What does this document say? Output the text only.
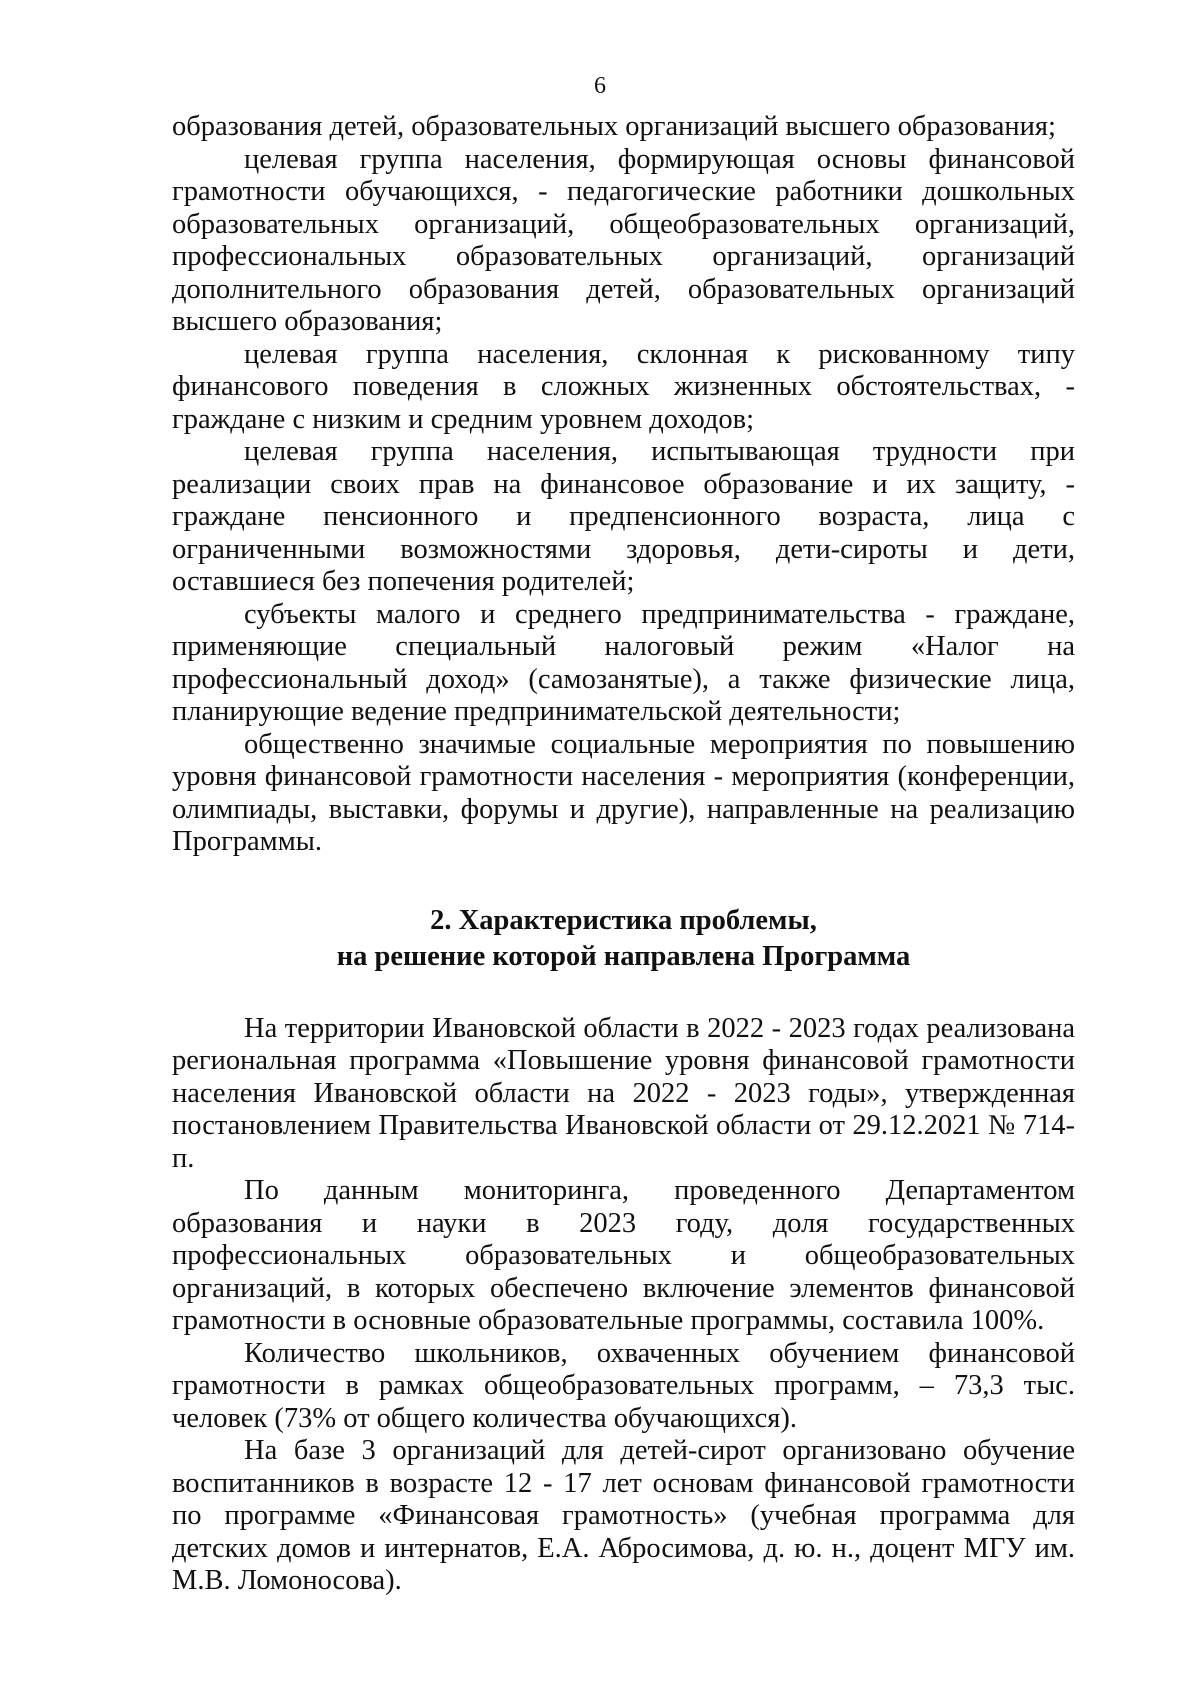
6

образования детей, образовательных организаций высшего образования;

целевая группа населения, формирующая основы финансовой грамотности обучающихся, - педагогические работники дошкольных образовательных организаций, общеобразовательных организаций, профессиональных образовательных организаций, организаций дополнительного образования детей, образовательных организаций высшего образования;

целевая группа населения, склонная к рискованному типу финансового поведения в сложных жизненных обстоятельствах, - граждане с низким и средним уровнем доходов;

целевая группа населения, испытывающая трудности при реализации своих прав на финансовое образование и их защиту, - граждане пенсионного и предпенсионного возраста, лица с ограниченными возможностями здоровья, дети-сироты и дети, оставшиеся без попечения родителей;

субъекты малого и среднего предпринимательства - граждане, применяющие специальный налоговый режим «Налог на профессиональный доход» (самозанятые), а также физические лица, планирующие ведение предпринимательской деятельности;

общественно значимые социальные мероприятия по повышению уровня финансовой грамотности населения - мероприятия (конференции, олимпиады, выставки, форумы и другие), направленные на реализацию Программы.

2. Характеристика проблемы,
на решение которой направлена Программа

На территории Ивановской области в 2022 - 2023 годах реализована региональная программа «Повышение уровня финансовой грамотности населения Ивановской области на 2022 - 2023 годы», утвержденная постановлением Правительства Ивановской области от 29.12.2021 № 714-п.

По данным мониторинга, проведенного Департаментом образования и науки в 2023 году, доля государственных профессиональных образовательных и общеобразовательных организаций, в которых обеспечено включение элементов финансовой грамотности в основные образовательные программы, составила 100%.

Количество школьников, охваченных обучением финансовой грамотности в рамках общеобразовательных программ, – 73,3 тыс. человек (73% от общего количества обучающихся).

На базе 3 организаций для детей-сирот организовано обучение воспитанников в возрасте 12 - 17 лет основам финансовой грамотности по программе «Финансовая грамотность» (учебная программа для детских домов и интернатов, Е.А. Абросимова, д. ю. н., доцент МГУ им. М.В. Ломоносова).
